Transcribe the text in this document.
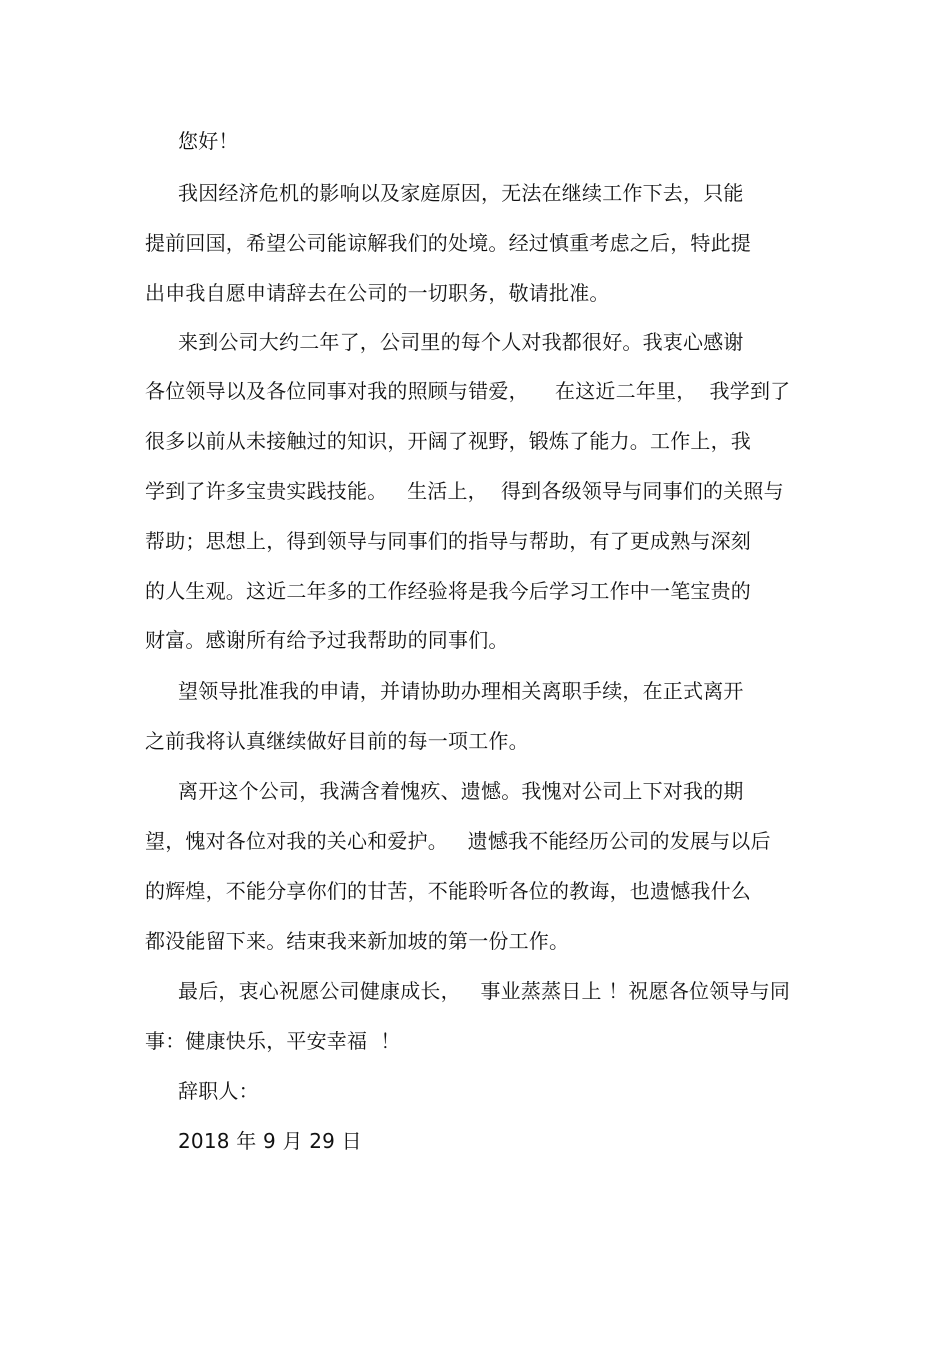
您好！
我因经济危机的影响以及家庭原因，无法在继续工作下去，只能
提前回国，希望公司能谅解我们的处境。经过慎重考虑之后，特此提
出申我自愿申请辞去在公司的一切职务，敬请批准。
来到公司大约二年了，公司里的每个人对我都很好。我衷心感谢
各位领导以及各位同事对我的照顾与错爱，    在这近二年里，  我学到了
很多以前从未接触过的知识，开阔了视野，锻炼了能力。工作上，我
学到了许多宝贵实践技能。   生活上，  得到各级领导与同事们的关照与
帮助；思想上，得到领导与同事们的指导与帮助，有了更成熟与深刻
的人生观。这近二年多的工作经验将是我今后学习工作中一笔宝贵的
财富。感谢所有给予过我帮助的同事们。
望领导批准我的申请，并请协助办理相关离职手续，在正式离开
之前我将认真继续做好目前的每一项工作。
离开这个公司，我满含着愧疚、遗憾。我愧对公司上下对我的期
望，愧对各位对我的关心和爱护。   遗憾我不能经历公司的发展与以后
的辉煌，不能分享你们的甘苦，不能聆听各位的教诲，也遗憾我什么
都没能留下来。结束我来新加坡的第一份工作。
最后，衷心祝愿公司健康成长，   事业蒸蒸日上 ！祝愿各位领导与同
事：健康快乐，平安幸福  ！
辞职人：
2018 年 9 月 29 日
